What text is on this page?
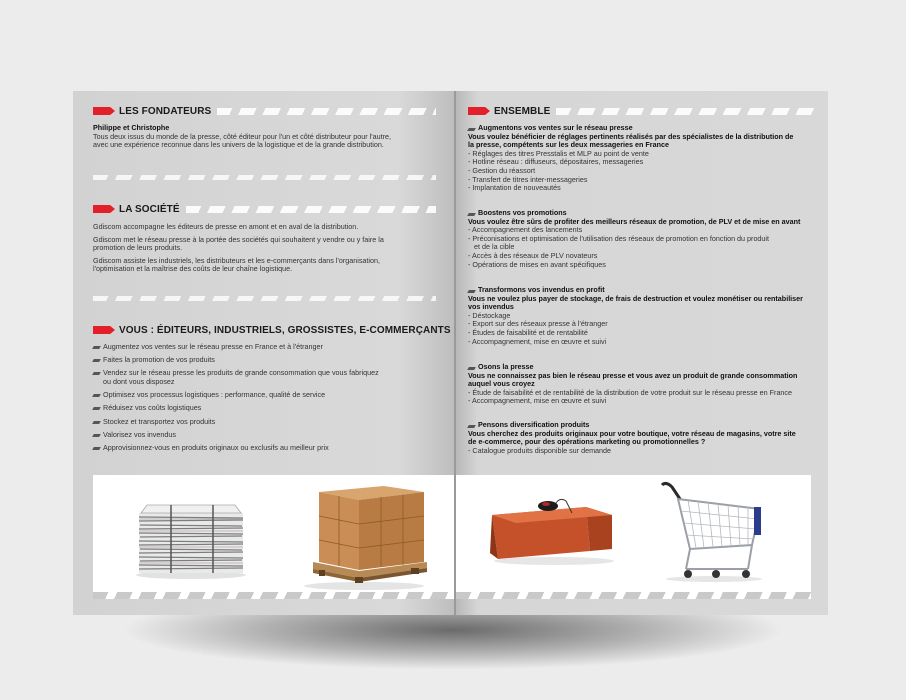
LES FONDATEURS
Philippe et Christophe
Tous deux issus du monde de la presse, côté éditeur pour l'un et côté distributeur pour l'autre,
avec une expérience reconnue dans les univers de la logistique et de la grande distribution.
LA SOCIÉTÉ
Gdiscom accompagne les éditeurs de presse en amont et en aval de la distribution.
Gdiscom met le réseau presse à la portée des sociétés qui souhaitent y vendre ou y faire la
promotion de leurs produits.
Gdiscom assiste les industriels, les distributeurs et les e-commerçants dans l'organisation,
l'optimisation et la maîtrise des coûts de leur chaîne logistique.
VOUS : ÉDITEURS, INDUSTRIELS, GROSSISTES, E-COMMERÇANTS
Augmentez vos ventes sur le réseau presse en France et à l'étranger
Faites la promotion de vos produits
Vendez sur le réseau presse les produits de grande consommation que vous fabriquez
ou dont vous disposez
Optimisez vos processus logistiques : performance, qualité de service
Réduisez vos coûts logistiques
Stockez et transportez vos produits
Valorisez vos invendus
Approvisionnez-vous en produits originaux ou exclusifs au meilleur prix
ENSEMBLE
Augmentons vos ventes sur le réseau presse
Vous voulez bénéficier de réglages pertinents réalisés par des spécialistes de la distribution de
la presse, compétents sur les deux messageries en France
- Réglages des titres Presstalis et MLP au point de vente
- Hotline réseau : diffuseurs, dépositaires, messageries
- Gestion du réassort
- Transfert de titres inter-messageries
- Implantation de nouveautés
Boostens vos promotions
Vous voulez être sûrs de profiter des meilleurs réseaux de promotion, de PLV et de mise en avant
- Accompagnement des lancements
- Préconisations et optimisation de l'utilisation des réseaux de promotion en fonction du produit
et de la cible
- Accès à des réseaux de PLV novateurs
- Opérations de mises en avant spécifiques
Transformons vos invendus en profit
Vous ne voulez plus payer de stockage, de frais de destruction et voulez monétiser ou rentabiliser
vos invendus
- Déstockage
- Export sur des réseaux presse à l'étranger
- Études de faisabilité et de rentabilité
- Accompagnement, mise en œuvre et suivi
Osons la presse
Vous ne connaissez pas bien le réseau presse et vous avez un produit de grande consommation
auquel vous croyez
- Étude de faisabilité et de rentabilité de la distribution de votre produit sur le réseau presse en France
- Accompagnement, mise en œuvre et suivi
Pensons diversification produits
Vous cherchez des produits originaux pour votre boutique, votre réseau de magasins, votre site
de e-commerce, pour des opérations marketing ou promotionnelles ?
- Catalogue produits disponible sur demande
